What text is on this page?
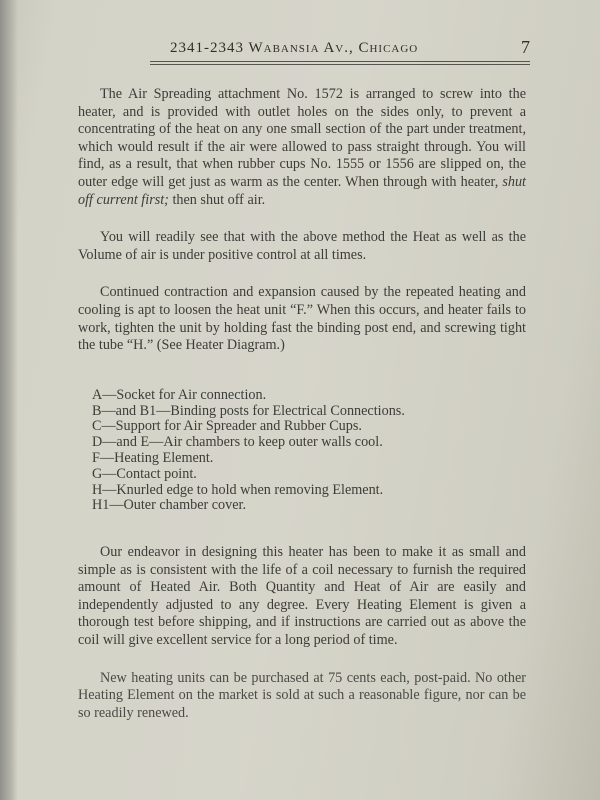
2341-2343 Wabansia Av., Chicago	7

The Air Spreading attachment No. 1572 is arranged to screw into the heater, and is provided with outlet holes on the sides only, to prevent a concentrating of the heat on any one small section of the part under treatment, which would result if the air were allowed to pass straight through. You will find, as a result, that when rubber cups No. 1555 or 1556 are slipped on, the outer edge will get just as warm as the center. When through with heater, shut off current first; then shut off air.

You will readily see that with the above method the Heat as well as the Volume of air is under positive control at all times.

Continued contraction and expansion caused by the repeated heating and cooling is apt to loosen the heat unit “F.” When this occurs, and heater fails to work, tighten the unit by holding fast the binding post end, and screwing tight the tube “H.” (See Heater Diagram.)

A—Socket for Air connection.
B—and B1—Binding posts for Electrical Connections.
C—Support for Air Spreader and Rubber Cups.
D—and E—Air chambers to keep outer walls cool.
F—Heating Element.
G—Contact point.
H—Knurled edge to hold when removing Element.
H1—Outer chamber cover.

Our endeavor in designing this heater has been to make it as small and simple as is consistent with the life of a coil necessary to furnish the required amount of Heated Air. Both Quantity and Heat of Air are easily and independently adjusted to any degree. Every Heating Element is given a thorough test before shipping, and if instructions are carried out as above the coil will give excellent service for a long period of time.

New heating units can be purchased at 75 cents each, post-paid. No other Heating Element on the market is sold at such a reasonable figure, nor can be so readily renewed.
